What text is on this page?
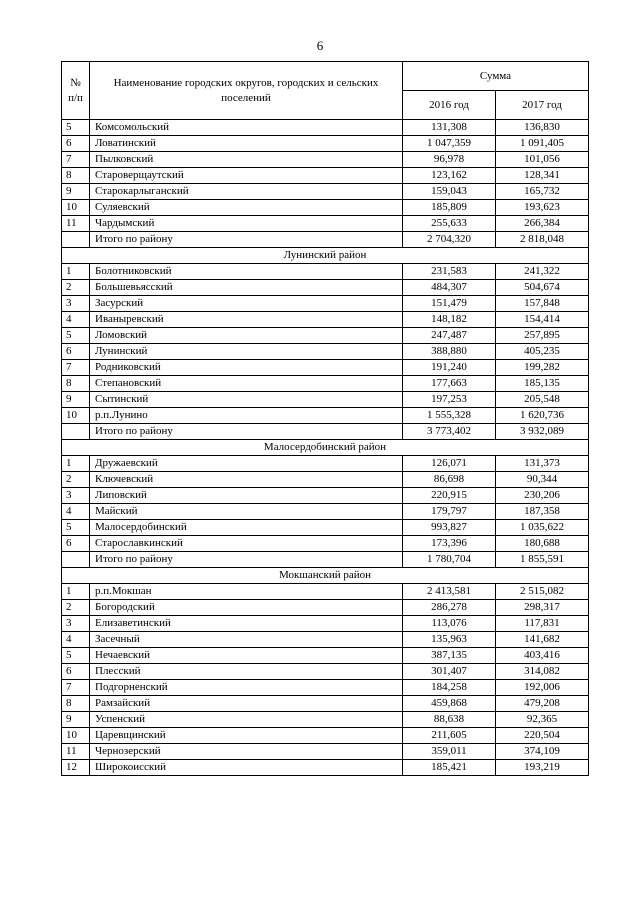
6
№ п/п	Наименование городских округов, городских и сельских поселений	Сумма	
		2016 год	2017 год
5	Комсомольский	131,308	136,830
6	Ловатинский	1 047,359	1 091,405
7	Пылковский	96,978	101,056
8	Староверщаутский	123,162	128,341
9	Старокарлыганский	159,043	165,732
10	Суляевский	185,809	193,623
11	Чардымский	255,633	266,384
	Итого по району	2 704,320	2 818,048
Лунинский район			
1	Болотниковский	231,583	241,322
2	Большевьясский	484,307	504,674
3	Засурский	151,479	157,848
4	Иваныревский	148,182	154,414
5	Ломовский	247,487	257,895
6	Лунинский	388,880	405,235
7	Родниковский	191,240	199,282
8	Степановский	177,663	185,135
9	Сытинский	197,253	205,548
10	р.п.Лунино	1 555,328	1 620,736
	Итого по району	3 773,402	3 932,089
Малосердобинский район			
1	Дружаевский	126,071	131,373
2	Ключевский	86,698	90,344
3	Липовский	220,915	230,206
4	Майский	179,797	187,358
5	Малосердобинский	993,827	1 035,622
6	Старославкинский	173,396	180,688
	Итого по району	1 780,704	1 855,591
Мокшанский район			
1	р.п.Мокшан	2 413,581	2 515,082
2	Богородский	286,278	298,317
3	Елизаветинский	113,076	117,831
4	Засечный	135,963	141,682
5	Нечаевский	387,135	403,416
6	Плесский	301,407	314,082
7	Подгорненский	184,258	192,006
8	Рамзайский	459,868	479,208
9	Успенский	88,638	92,365
10	Царевщинский	211,605	220,504
11	Чернозерский	359,011	374,109
12	Широкоисский	185,421	193,219
